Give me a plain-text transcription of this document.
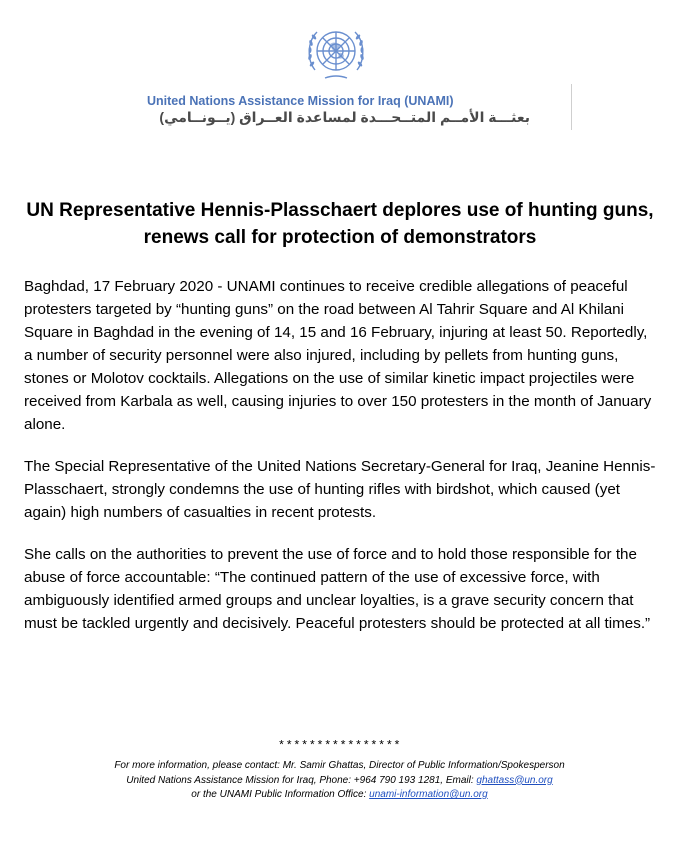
United Nations Assistance Mission for Iraq (UNAMI)
بعثـــة الأمــم المتــحـــدة لمساعدة العــراق (يــونــامي)
UN Representative Hennis-Plasschaert deplores use of hunting guns, renews call for protection of demonstrators

Baghdad, 17 February 2020 - UNAMI continues to receive credible allegations of peaceful protesters targeted by “hunting guns” on the road between Al Tahrir Square and Al Khilani Square in Baghdad in the evening of 14, 15 and 16 February, injuring at least 50. Reportedly, a number of security personnel were also injured, including by pellets from hunting guns, stones or Molotov cocktails. Allegations on the use of similar kinetic impact projectiles were received from Karbala as well, causing injuries to over 150 protesters in the month of January alone.

The Special Representative of the United Nations Secretary-General for Iraq, Jeanine Hennis-Plasschaert, strongly condemns the use of hunting rifles with birdshot, which caused (yet again) high numbers of casualties in recent protests.

She calls on the authorities to prevent the use of force and to hold those responsible for the abuse of force accountable: “The continued pattern of the use of excessive force, with ambiguously identified armed groups and unclear loyalties, is a grave security concern that must be tackled urgently and decisively. Peaceful protesters should be protected at all times.”

****************
For more information, please contact: Mr. Samir Ghattas, Director of Public Information/Spokesperson
United Nations Assistance Mission for Iraq, Phone: +964 790 193 1281, Email: ghattass@un.org
or the UNAMI Public Information Office: unami-information@un.org
